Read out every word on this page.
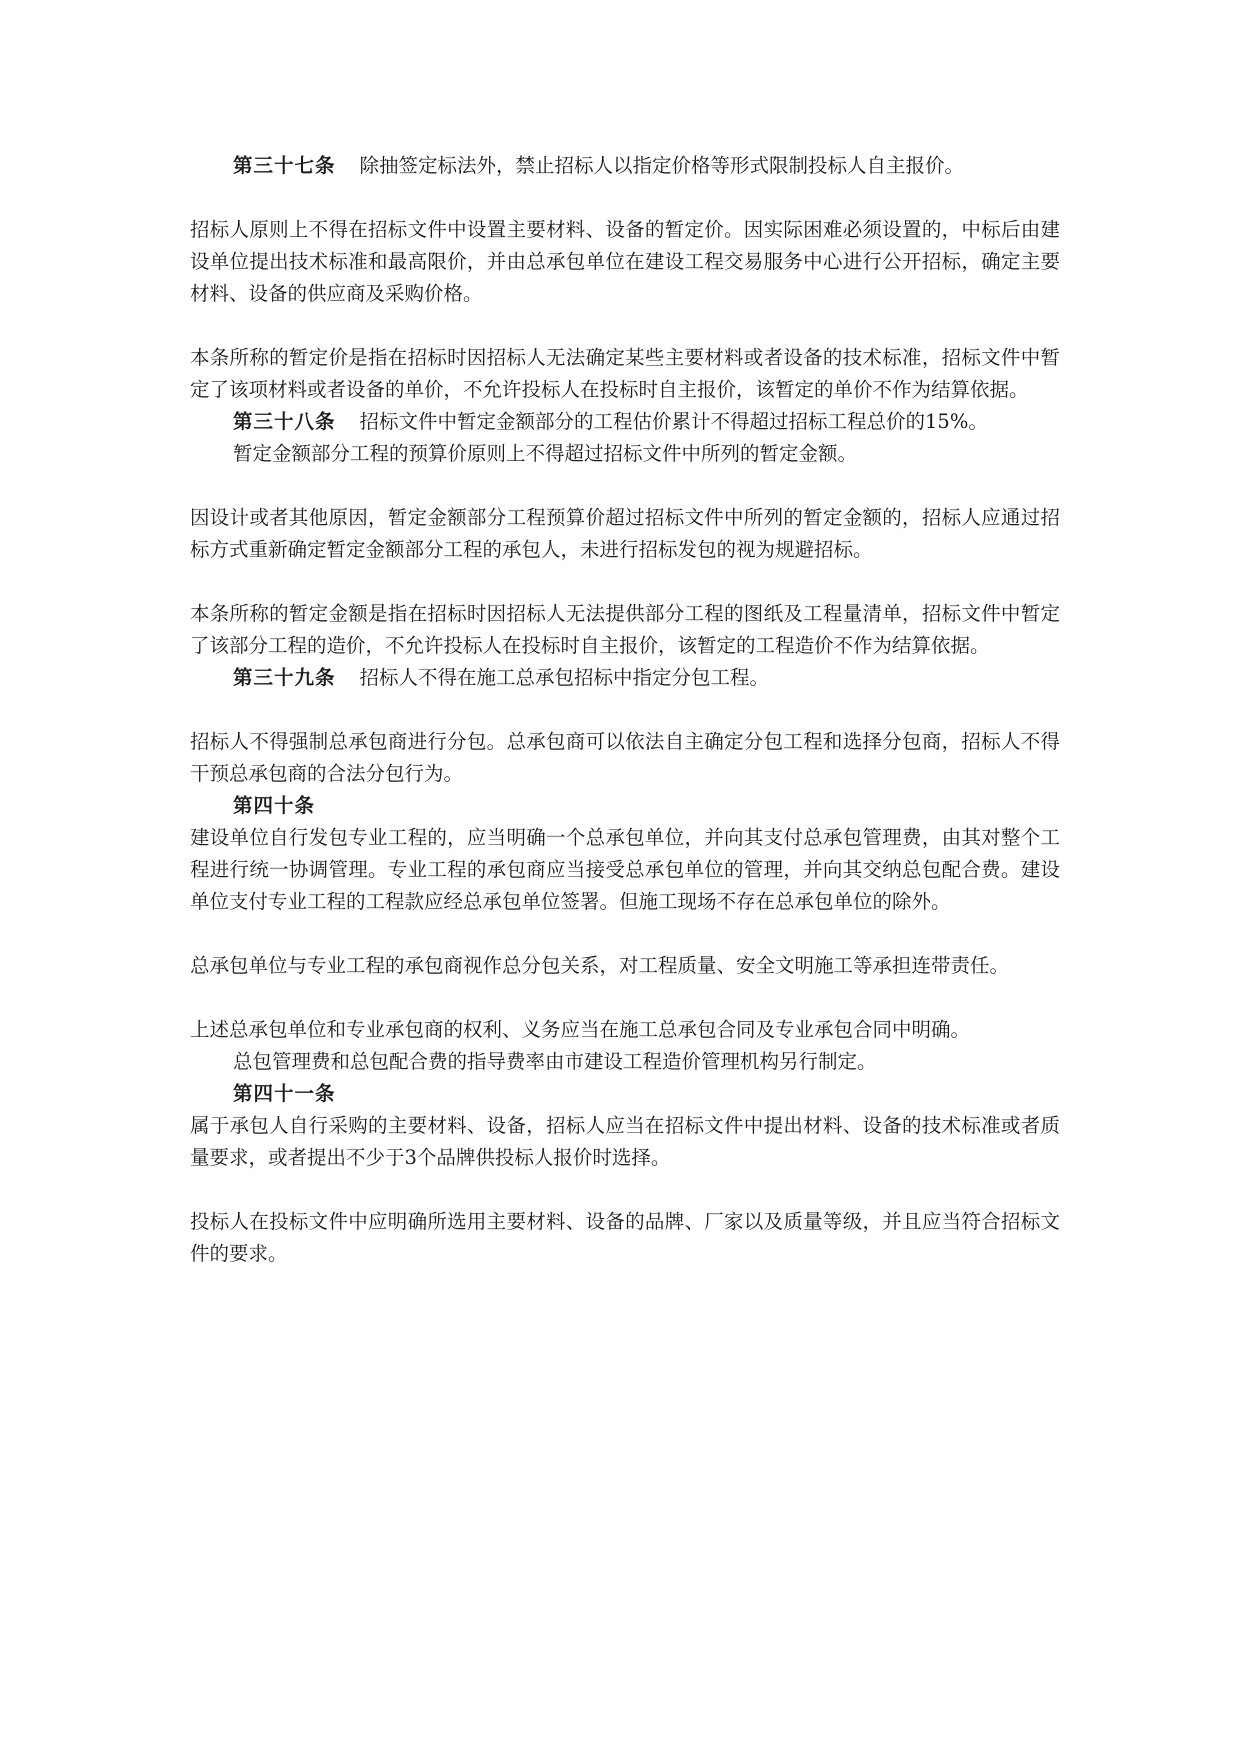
第三十七条 除抽签定标法外，禁止招标人以指定价格等形式限制投标人自主报价。

招标人原则上不得在招标文件中设置主要材料、设备的暂定价。因实际困难必须设置的，中标后由建设单位提出技术标准和最高限价，并由总承包单位在建设工程交易服务中心进行公开招标，确定主要材料、设备的供应商及采购价格。

本条所称的暂定价是指在招标时因招标人无法确定某些主要材料或者设备的技术标准，招标文件中暂定了该项材料或者设备的单价，不允许投标人在投标时自主报价，该暂定的单价不作为结算依据。

第三十八条 招标文件中暂定金额部分的工程估价累计不得超过招标工程总价的15%。

暂定金额部分工程的预算价原则上不得超过招标文件中所列的暂定金额。

因设计或者其他原因，暂定金额部分工程预算价超过招标文件中所列的暂定金额的，招标人应通过招标方式重新确定暂定金额部分工程的承包人，未进行招标发包的视为规避招标。

本条所称的暂定金额是指在招标时因招标人无法提供部分工程的图纸及工程量清单，招标文件中暂定了该部分工程的造价，不允许投标人在投标时自主报价，该暂定的工程造价不作为结算依据。

第三十九条 招标人不得在施工总承包招标中指定分包工程。

招标人不得强制总承包商进行分包。总承包商可以依法自主确定分包工程和选择分包商，招标人不得干预总承包商的合法分包行为。

第四十条

建设单位自行发包专业工程的，应当明确一个总承包单位，并向其支付总承包管理费，由其对整个工程进行统一协调管理。专业工程的承包商应当接受总承包单位的管理，并向其交纳总包配合费。建设单位支付专业工程的工程款应经总承包单位签署。但施工现场不存在总承包单位的除外。

总承包单位与专业工程的承包商视作总分包关系，对工程质量、安全文明施工等承担连带责任。

上述总承包单位和专业承包商的权利、义务应当在施工总承包合同及专业承包合同中明确。

总包管理费和总包配合费的指导费率由市建设工程造价管理机构另行制定。

第四十一条

属于承包人自行采购的主要材料、设备，招标人应当在招标文件中提出材料、设备的技术标准或者质量要求，或者提出不少于3个品牌供投标人报价时选择。

投标人在投标文件中应明确所选用主要材料、设备的品牌、厂家以及质量等级，并且应当符合招标文件的要求。
